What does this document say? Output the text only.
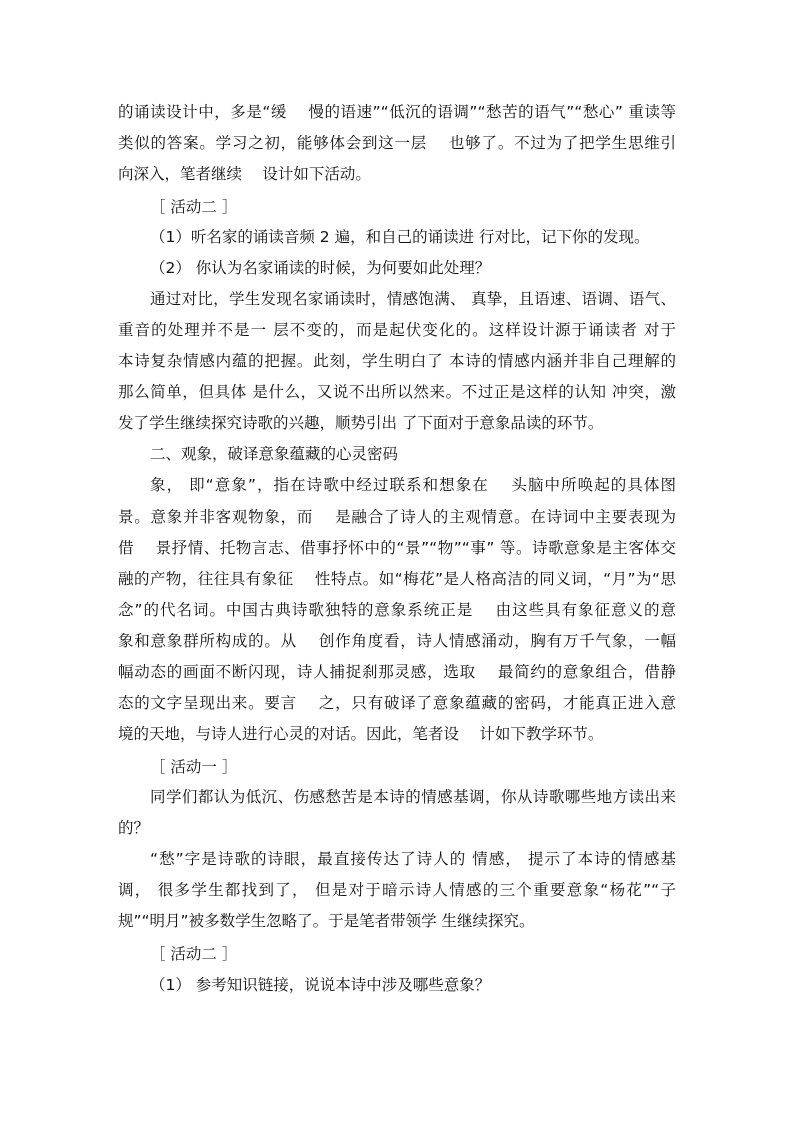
的诵读设计中，多是“缓　 慢的语速”“低沉的语调”“愁苦的语气”“愁心” 重读等
类似的答案。学习之初，能够体会到这一层　 也够了。不过为了把学生思维引
向深入，笔者继续　 设计如下活动。
［ 活动二 ］
（1）听名家的诵读音频 2 遍，和自己的诵读进 行对比，记下你的发现。
（2） 你认为名家诵读的时候，为何要如此处理？
通过对比，学生发现名家诵读时，情感饱满、 真挚，且语速、语调、语气、
重音的处理并不是一 层不变的，而是起伏变化的。这样设计源于诵读者 对于
本诗复杂情感内蕴的把握。此刻，学生明白了 本诗的情感内涵并非自己理解的
那么简单，但具体 是什么，又说不出所以然来。不过正是这样的认知 冲突，激
发了学生继续探究诗歌的兴趣，顺势引出 了下面对于意象品读的环节。
二、观象，破译意象蕴藏的心灵密码
象， 即“意象”，指在诗歌中经过联系和想象在　 头脑中所唤起的具体图
景。意象并非客观物象，而　 是融合了诗人的主观情意。在诗词中主要表现为
借　 景抒情、托物言志、借事抒怀中的“景”“物”“事” 等。诗歌意象是主客体交
融的产物，往往具有象征　 性特点。如“梅花”是人格高洁的同义词，“月”为“思
念”的代名词。中国古典诗歌独特的意象系统正是　 由这些具有象征意义的意
象和意象群所构成的。从　 创作角度看，诗人情感涌动，胸有万千气象，一幅
幅动态的画面不断闪现，诗人捕捉刹那灵感，选取　 最简约的意象组合，借静
态的文字呈现出来。要言　 之，只有破译了意象蕴藏的密码，才能真正进入意
境的天地，与诗人进行心灵的对话。因此，笔者设　 计如下教学环节。
［ 活动一 ］
同学们都认为低沉、伤感愁苦是本诗的情感基调，你从诗歌哪些地方读出来
的？
“愁”字是诗歌的诗眼，最直接传达了诗人的 情感， 提示了本诗的情感基
调， 很多学生都找到了， 但是对于暗示诗人情感的三个重要意象“杨花”“子
规”“明月”被多数学生忽略了。于是笔者带领学 生继续探究。
［ 活动二 ］
（1） 参考知识链接，说说本诗中涉及哪些意象？
